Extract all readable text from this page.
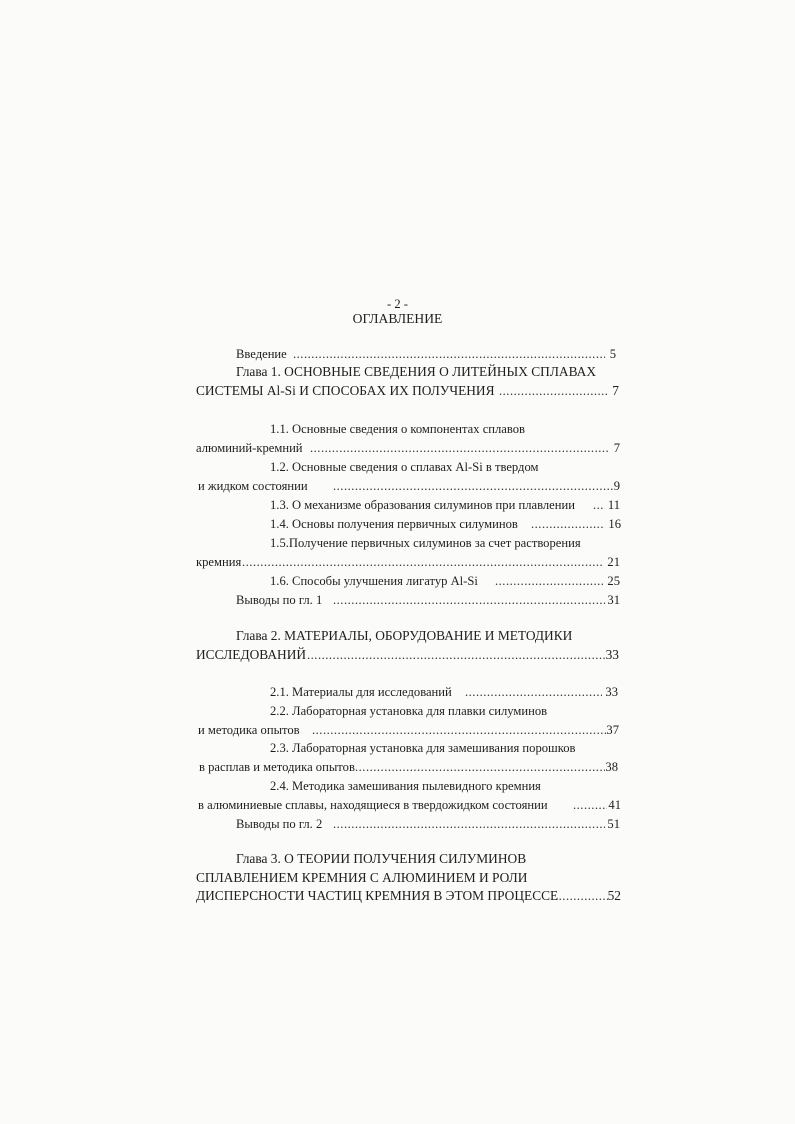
- 2 -
ОГЛАВЛЕНИЕ
Введение .....	5
Глава 1. ОСНОВНЫЕ СВЕДЕНИЯ О ЛИТЕЙНЫХ СПЛАВАХ
СИСТЕМЫ Al-Si И СПОСОБАХ ИХ ПОЛУЧЕНИЯ .....	7
1.1. Основные сведения о компонентах сплавов
алюминий-кремний .....	7
1.2. Основные сведения о сплавах Al-Si в твердом
и жидком состоянии .....	9
1.3. О механизме образования силуминов при плавлении .....	11
1.4. Основы получения первичных силуминов .....	16
1.5.Получение первичных силуминов за счет растворения
кремния .....	21
1.6. Способы улучшения лигатур Al-Si .....	25
Выводы по гл. 1 .....	31
Глава 2. МАТЕРИАЛЫ, ОБОРУДОВАНИЕ И МЕТОДИКИ
ИССЛЕДОВАНИЙ .....	33
2.1. Материалы для исследований .....	33
2.2. Лабораторная установка для плавки силуминов
и методика опытов .....	37
2.3. Лабораторная установка для замешивания порошков
в расплав и методика опытов .....	38
2.4. Методика замешивания пылевидного кремния
в алюминиевые сплавы, находящиеся в твердожидком состоянии .....	41
Выводы по гл. 2 .....	51
Глава 3. О ТЕОРИИ ПОЛУЧЕНИЯ СИЛУМИНОВ
СПЛАВЛЕНИЕМ КРЕМНИЯ С АЛЮМИНИЕМ И РОЛИ
ДИСПЕРСНОСТИ ЧАСТИЦ КРЕМНИЯ В ЭТОМ ПРОЦЕССЕ .....	52
